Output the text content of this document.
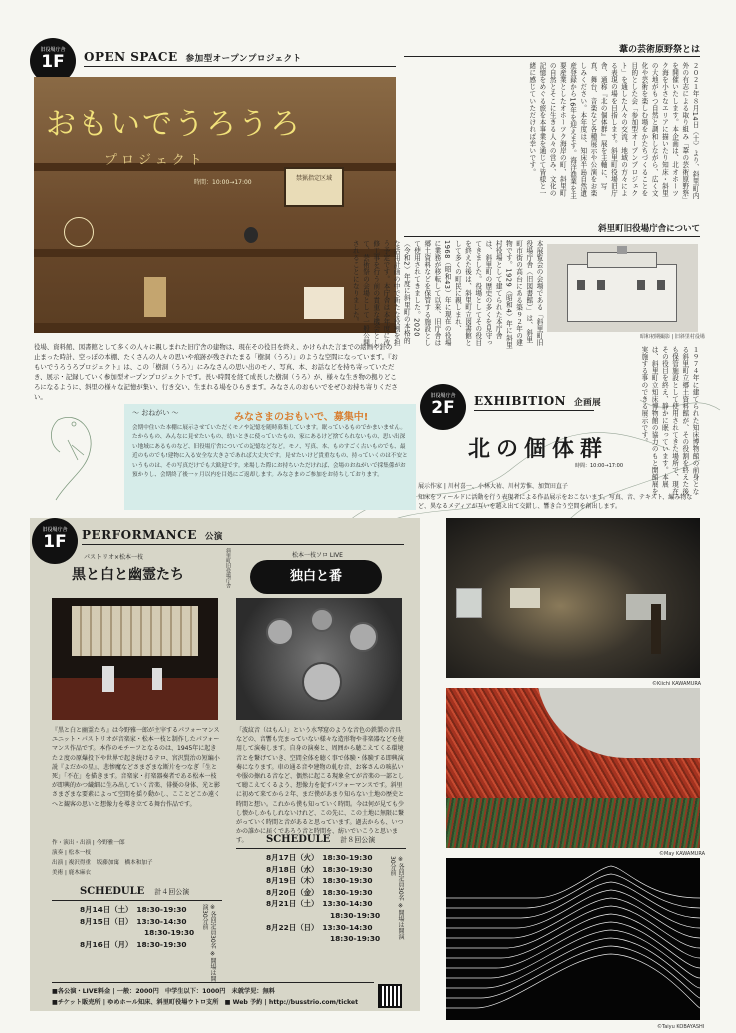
旧役場庁舎
1F	OPEN SPACE 参加型オープンプロジェクト
禁猟指定区域
おもいでうろうろ
プロジェクト
時間：10:00→17:00
役場、資料館、図書館として多くの人々に親しまれた旧庁舎の建物は、現在その役目を終え、かけられた言までの絵画や針の止まった時計、空っぽの本棚、たくさんの人々の思いや痕跡が残されたまる「樹洞（うろ）」のような空間になっています。『おもいでうろうろプロジェクト』は、この「樹洞（うろ）」にみなさんの思い出のモノ、写真、本、お話などを持ち寄っていただき、展示・記録していく参加型オープンプロジェクトです。長い時間を経て成長した樹洞（うろ）が、様々な生き物の拠りどころになるように、斜里の様々な記憶が集い、行き交い、生まれる場をひらきます。みなさんのおもいでをぜひお持ち寄りください。
～ おねがい ～	みなさまのおもいで、募集中!
会期中住いた本棚に展示させていただくモノや記憶を随時募集しています。眠っているものでかまいません。たからもの、みんなに見せたいもの、幼いときに使っていたもの、家にあるけど捨てられないもの、思い出深い地域にあるものなど、旧役場庁舎についての記憶などなど。モノ、写真、本、ものすごく古いものでも、最近のものでも!建物に入る安全な大きさであれば大丈夫です。見せたいけど貴重なもの、持っていくのは不安というものは、その写真だけでも大歓迎です。来場した際にお持ちいただければ、会場のおねがいで採集係がお預かりし、会期終了後一ヶ月以内を目処にご返却します。みなさまのご参加をお待ちしております。
葦の芸術原野祭とは
２０２１年８月14日（土）より、斜里町内外の有志による取り組み「葦の芸術原野祭」を開催いたします。本企画は、北オホーツク海を小さなエリアに描いたり知床・斜里の大地がもつ自然と調和しながら、広く文化や芸術を楽しむ場をかたちづくることを目的とした会「参加型オープンプロジェクト」を通した人々の交流、地域の方々による表現の場を目指します。斜里町役場旧庁舎、通称『北の個体群』展を主軸に、写真、舞台、音楽など各種展示や公演をお楽しみください。本年度は、知床半島自然遺産登録から16年を迎えます。海洋漁業を主要産業としたオホーツク海岸の町、斜里町の自然とそこに生きる人々の営み、文化の記憶をめぐる旅を本事業を通じて皆様と一緒に感じていただければ幸いです。
斜里町旧役場庁舎について
本展覧会の会場である「斜里町旧役場庁舎（旧図書館）」は、斜里町市街の高台にある築９２年の建物です。1929（昭和4）年に斜里村役場として建てられた本庁舎は、斜里町の歴史の多くを見守ってきました。役場としてその役目を終えた後は、斜里町立図書館として多くの町民に親しまれ、1968（昭和43）年に現在の役場に業務が移転して以来、旧庁舎は郷土資料などを保管する施設として使用されてきました。2020（令和2）年度に斜里町の本格的な活用計画の中で新たな役割を担う予定です。本庁舎は本年度に改修工事を行う前の貴重な機会として、芸術祭の会場として一般公開されることになりました。
昭和初期撮影 | 旧斜里村役場
１９７４年に建てられた知床博物館の前身となる斜里町立郷土資料館が、その役割を終えた後も保管施設として使用されてきた場所で、現在その役目を終え、静かに眠っています。本展は、斜里町立知床博物館の協力のもと開館展を実施する事のできる展示です。
旧役場庁舎
2F	EXHIBITION 企画展
北の個体群
時間：10:00→17:00
展示作家 | 川村喜一、小林大祐、川村芳惟、加賀田直子
知床をフィールドに活動を行う表現者による作品展示をおこないます。写真、音、テキスト、編み物など、異なるメディアが互いを越え出て交錯し、響き合う空間を創出します。
©Kiichi KAWAMURA
©May KAWAMURA
©Taiyu KOBAYASHI
旧役場庁舎
1F	PERFORMANCE 公演
パストリオ×松本一枝
黒と白と幽霊たち	斜里町旧役場庁舎	松本一枝ソロ LIVE
独白と番
『黒と白と幽霊たち』は今野雅一郎が主宰するパフォーマンスユニット・パストリオが音楽家・松本一枝と制作したパフォーマンス作品です。本作のモチーフとなるのは、1945年に起きた２度の原爆投下や世界で起き続けるテロ、宮沢賢治の短編小説『よだかの星』、悲惨魔などさまざまな断片をつなぎ「生と死」「不在」を描きます。音楽家・打楽器奏者である松本一枝が即興的かつ繊細に生み出していく音楽、俳優の身体、光と影さまざまな要素によって空間を揺り動かし、こことどこか遠くへと観客の思いと想像力を導き立てる舞台作品です。
作・演出・出演 | 今野雅一郎
演奏 | 松本一枝
出演 | 複沢得重　坂藤加寓　橋本和加子
美術 | 鹿木麻衣
「波紋音（はもん）」という水琴窟のような音色の鉄製の音具などの、音響も完まっていない様々な造形物や非楽器などを使用して演奏します。自身の演奏と、周囲から聴こえてくる環境音とを繋げていき、空間全体を聴く事で体験・体験する即興演奏になります。車の通る音や建物の軋む音、お客さんの咳払いや服の擦れる音など、偶然に起こる現象全てが音楽の一部として聴こえてくるよう、想像力を促すパフォーマンスです。斜里に初めて来てから２年、まだ僕があまり知らない土地の歴史と時間と想い。これから僕も知っていく時間。今は何が見ても少し懐かしかもしれないけれど、この先に、この土地に無限に繋がっていく時間と音があると思っています。過去からも、いつかの誰かに届くであろう音と時間を、紡いでいこうと思います。
SCHEDULE 計４回公演
8月14日（土） 18:30-19:30
8月15日（日） 13:30-14:30
18:30-19:30
8月16日（月） 18:30-19:30	※各回定員30名 ※開場は開演30分前
SCHEDULE 計８回公演
8月17日（火） 18:30-19:30
8月18日（水） 18:30-19:30
8月19日（木） 18:30-19:30
8月20日（金） 18:30-19:30
8月21日（土） 13:30-14:30
18:30-19:30
8月22日（日） 13:30-14:30
18:30-19:30	※各回定員30名 ※開場は開演30分前
■各公演・LIVE料金 | 一般：2000円　中学生以下：1000円　未就学児：無料
■チケット販売所 | ゆめホール知床、斜里町役場ウトロ支所　■ Web 予約 | http://busstrio.com/ticket
